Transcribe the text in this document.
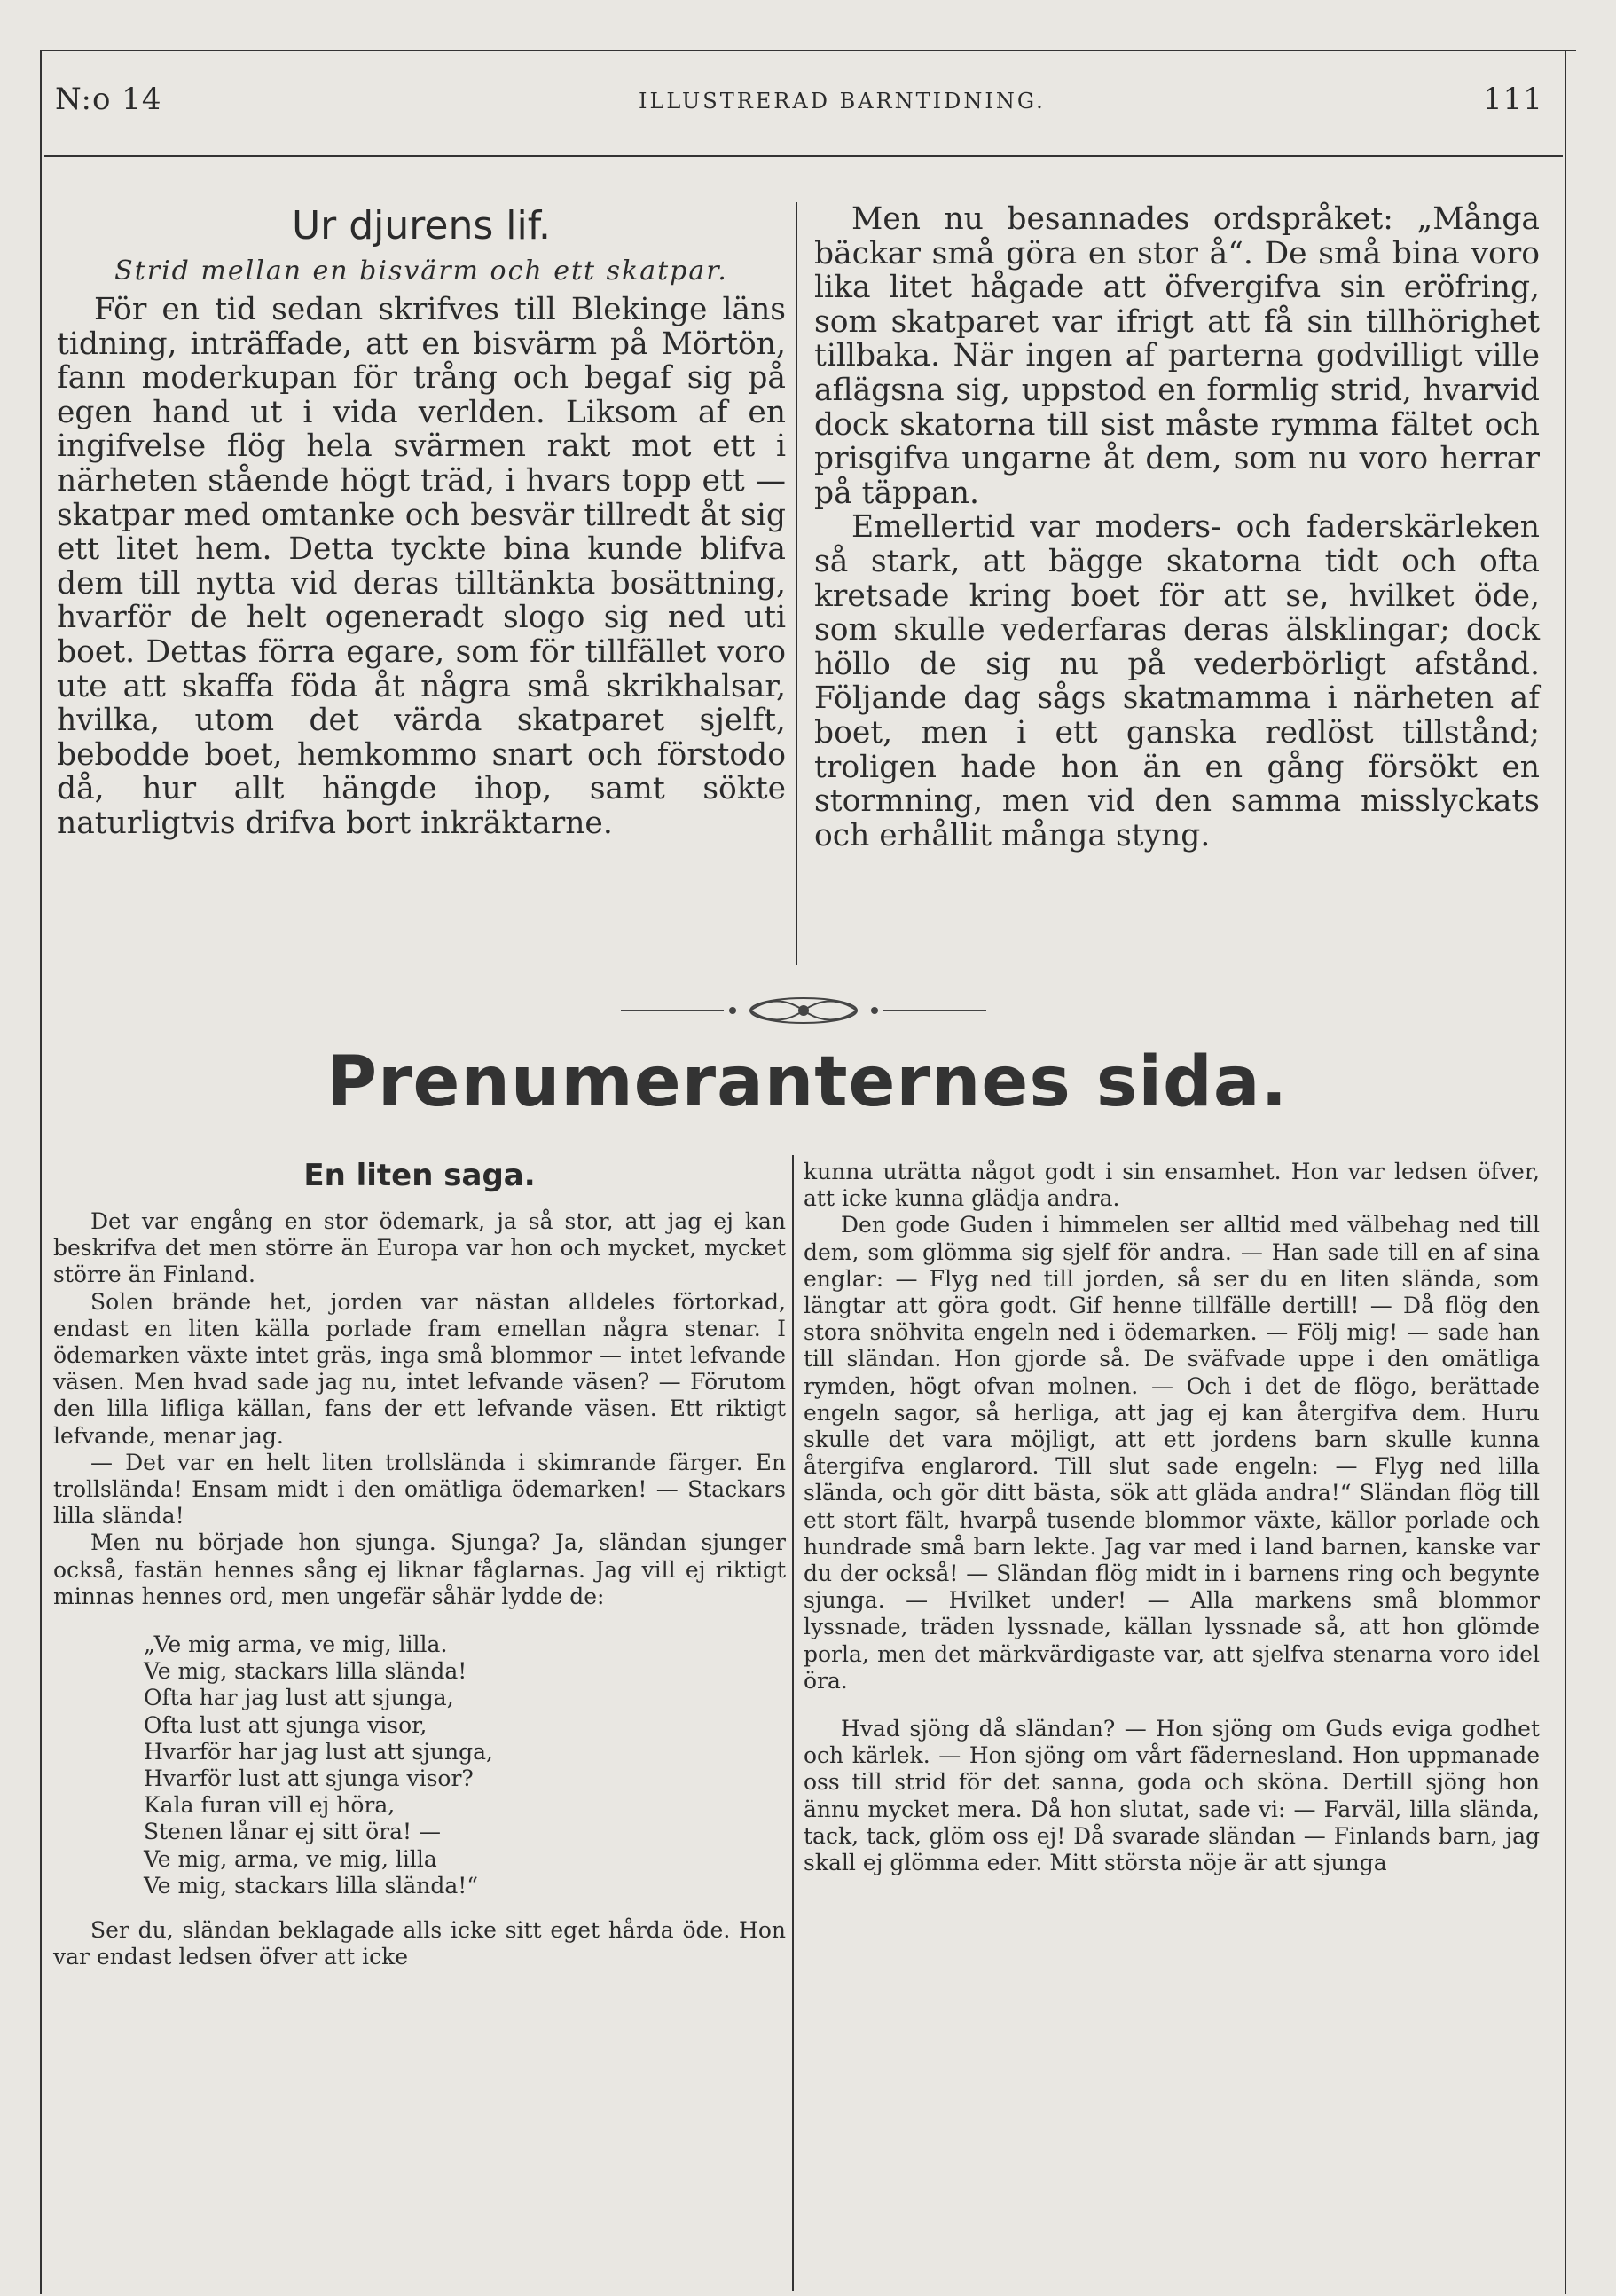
N:o 14	ILLUSTRERAD BARNTIDNING.	111
Ur djurens lif.
Strid mellan en bisvärm och ett skatpar.

För en tid sedan skrifves till Blekinge läns tidning, inträffade, att en bisvärm på Mörtön, fann moderkupan för trång och begaf sig på egen hand ut i vida verlden. Liksom af en ingifvelse flög hela svärmen rakt mot ett i närheten stående högt träd, i hvars topp ett — skatpar med omtanke och besvär tillredt åt sig ett litet hem. Detta tyckte bina kunde blifva dem till nytta vid deras tilltänkta bosättning, hvarför de helt ogeneradt slogo sig ned uti boet. Dettas förra egare, som för tillfället voro ute att skaffa föda åt några små skrikhalsar, hvilka, utom det värda skatparet sjelft, bebodde boet, hemkommo snart och förstodo då, hur allt hängde ihop, samt sökte naturligtvis drifva bort inkräktarne.

Men nu besannades ordspråket: „Många bäckar små göra en stor å“. De små bina voro lika litet hågade att öfvergifva sin eröfring, som skatparet var ifrigt att få sin tillhörighet tillbaka. När ingen af parterna godvilligt ville aflägsna sig, uppstod en formlig strid, hvarvid dock skatorna till sist måste rymma fältet och prisgifva ungarne åt dem, som nu voro herrar på täppan.

Emellertid var moders- och faderskärleken så stark, att bägge skatorna tidt och ofta kretsade kring boet för att se, hvilket öde, som skulle vederfaras deras älsklingar; dock höllo de sig nu på vederbörligt afstånd. Följande dag sågs skatmamma i närheten af boet, men i ett ganska redlöst tillstånd; troligen hade hon än en gång försökt en stormning, men vid den samma misslyckats och erhållit många styng.

Prenumeranternes sida.
En liten saga.

Det var engång en stor ödemark, ja så stor, att jag ej kan beskrifva det men större än Europa var hon och mycket, mycket större än Finland.

Solen brände het, jorden var nästan alldeles förtorkad, endast en liten källa porlade fram emellan några stenar. I ödemarken växte intet gräs, inga små blommor — intet lefvande väsen. Men hvad sade jag nu, intet lefvande väsen? — Förutom den lilla lifliga källan, fans der ett lefvande väsen. Ett riktigt lefvande, menar jag.

— Det var en helt liten trollslända i skimrande färger. En trollslända! Ensam midt i den omätliga ödemarken! — Stackars lilla slända!

Men nu började hon sjunga. Sjunga? Ja, sländan sjunger också, fastän hennes sång ej liknar fåglarnas. Jag vill ej riktigt minnas hennes ord, men ungefär såhär lydde de:

„Ve mig arma, ve mig, lilla.

Ve mig, stackars lilla slända!

Ofta har jag lust att sjunga,

Ofta lust att sjunga visor,

Hvarför har jag lust att sjunga,

Hvarför lust att sjunga visor?

Kala furan vill ej höra,

Stenen lånar ej sitt öra! —

Ve mig, arma, ve mig, lilla

Ve mig, stackars lilla slända!“

Ser du, sländan beklagade alls icke sitt eget hårda öde. Hon var endast ledsen öfver att icke

kunna uträtta något godt i sin ensamhet. Hon var ledsen öfver, att icke kunna glädja andra.

Den gode Guden i himmelen ser alltid med välbehag ned till dem, som glömma sig sjelf för andra. — Han sade till en af sina englar: — Flyg ned till jorden, så ser du en liten slända, som längtar att göra godt. Gif henne tillfälle dertill! — Då flög den stora snöhvita engeln ned i ödemarken. — Följ mig! — sade han till sländan. Hon gjorde så. De sväfvade uppe i den omätliga rymden, högt ofvan molnen. — Och i det de flögo, berättade engeln sagor, så herliga, att jag ej kan återgifva dem. Huru skulle det vara möjligt, att ett jordens barn skulle kunna återgifva englarord. Till slut sade engeln: — Flyg ned lilla slända, och gör ditt bästa, sök att gläda andra!“ Sländan flög till ett stort fält, hvarpå tusende blommor växte, källor porlade och hundrade små barn lekte. Jag var med i land barnen, kanske var du der också! — Sländan flög midt in i barnens ring och begynte sjunga. — Hvilket under! — Alla markens små blommor lyssnade, träden lyssnade, källan lyssnade så, att hon glömde porla, men det märkvärdigaste var, att sjelfva stenarna voro idel öra.

Hvad sjöng då sländan? — Hon sjöng om Guds eviga godhet och kärlek. — Hon sjöng om vårt fädernesland. Hon uppmanade oss till strid för det sanna, goda och sköna. Dertill sjöng hon ännu mycket mera. Då hon slutat, sade vi: — Farväl, lilla slända, tack, tack, glöm oss ej! Då svarade sländan — Finlands barn, jag skall ej glömma eder. Mitt största nöje är att sjunga
